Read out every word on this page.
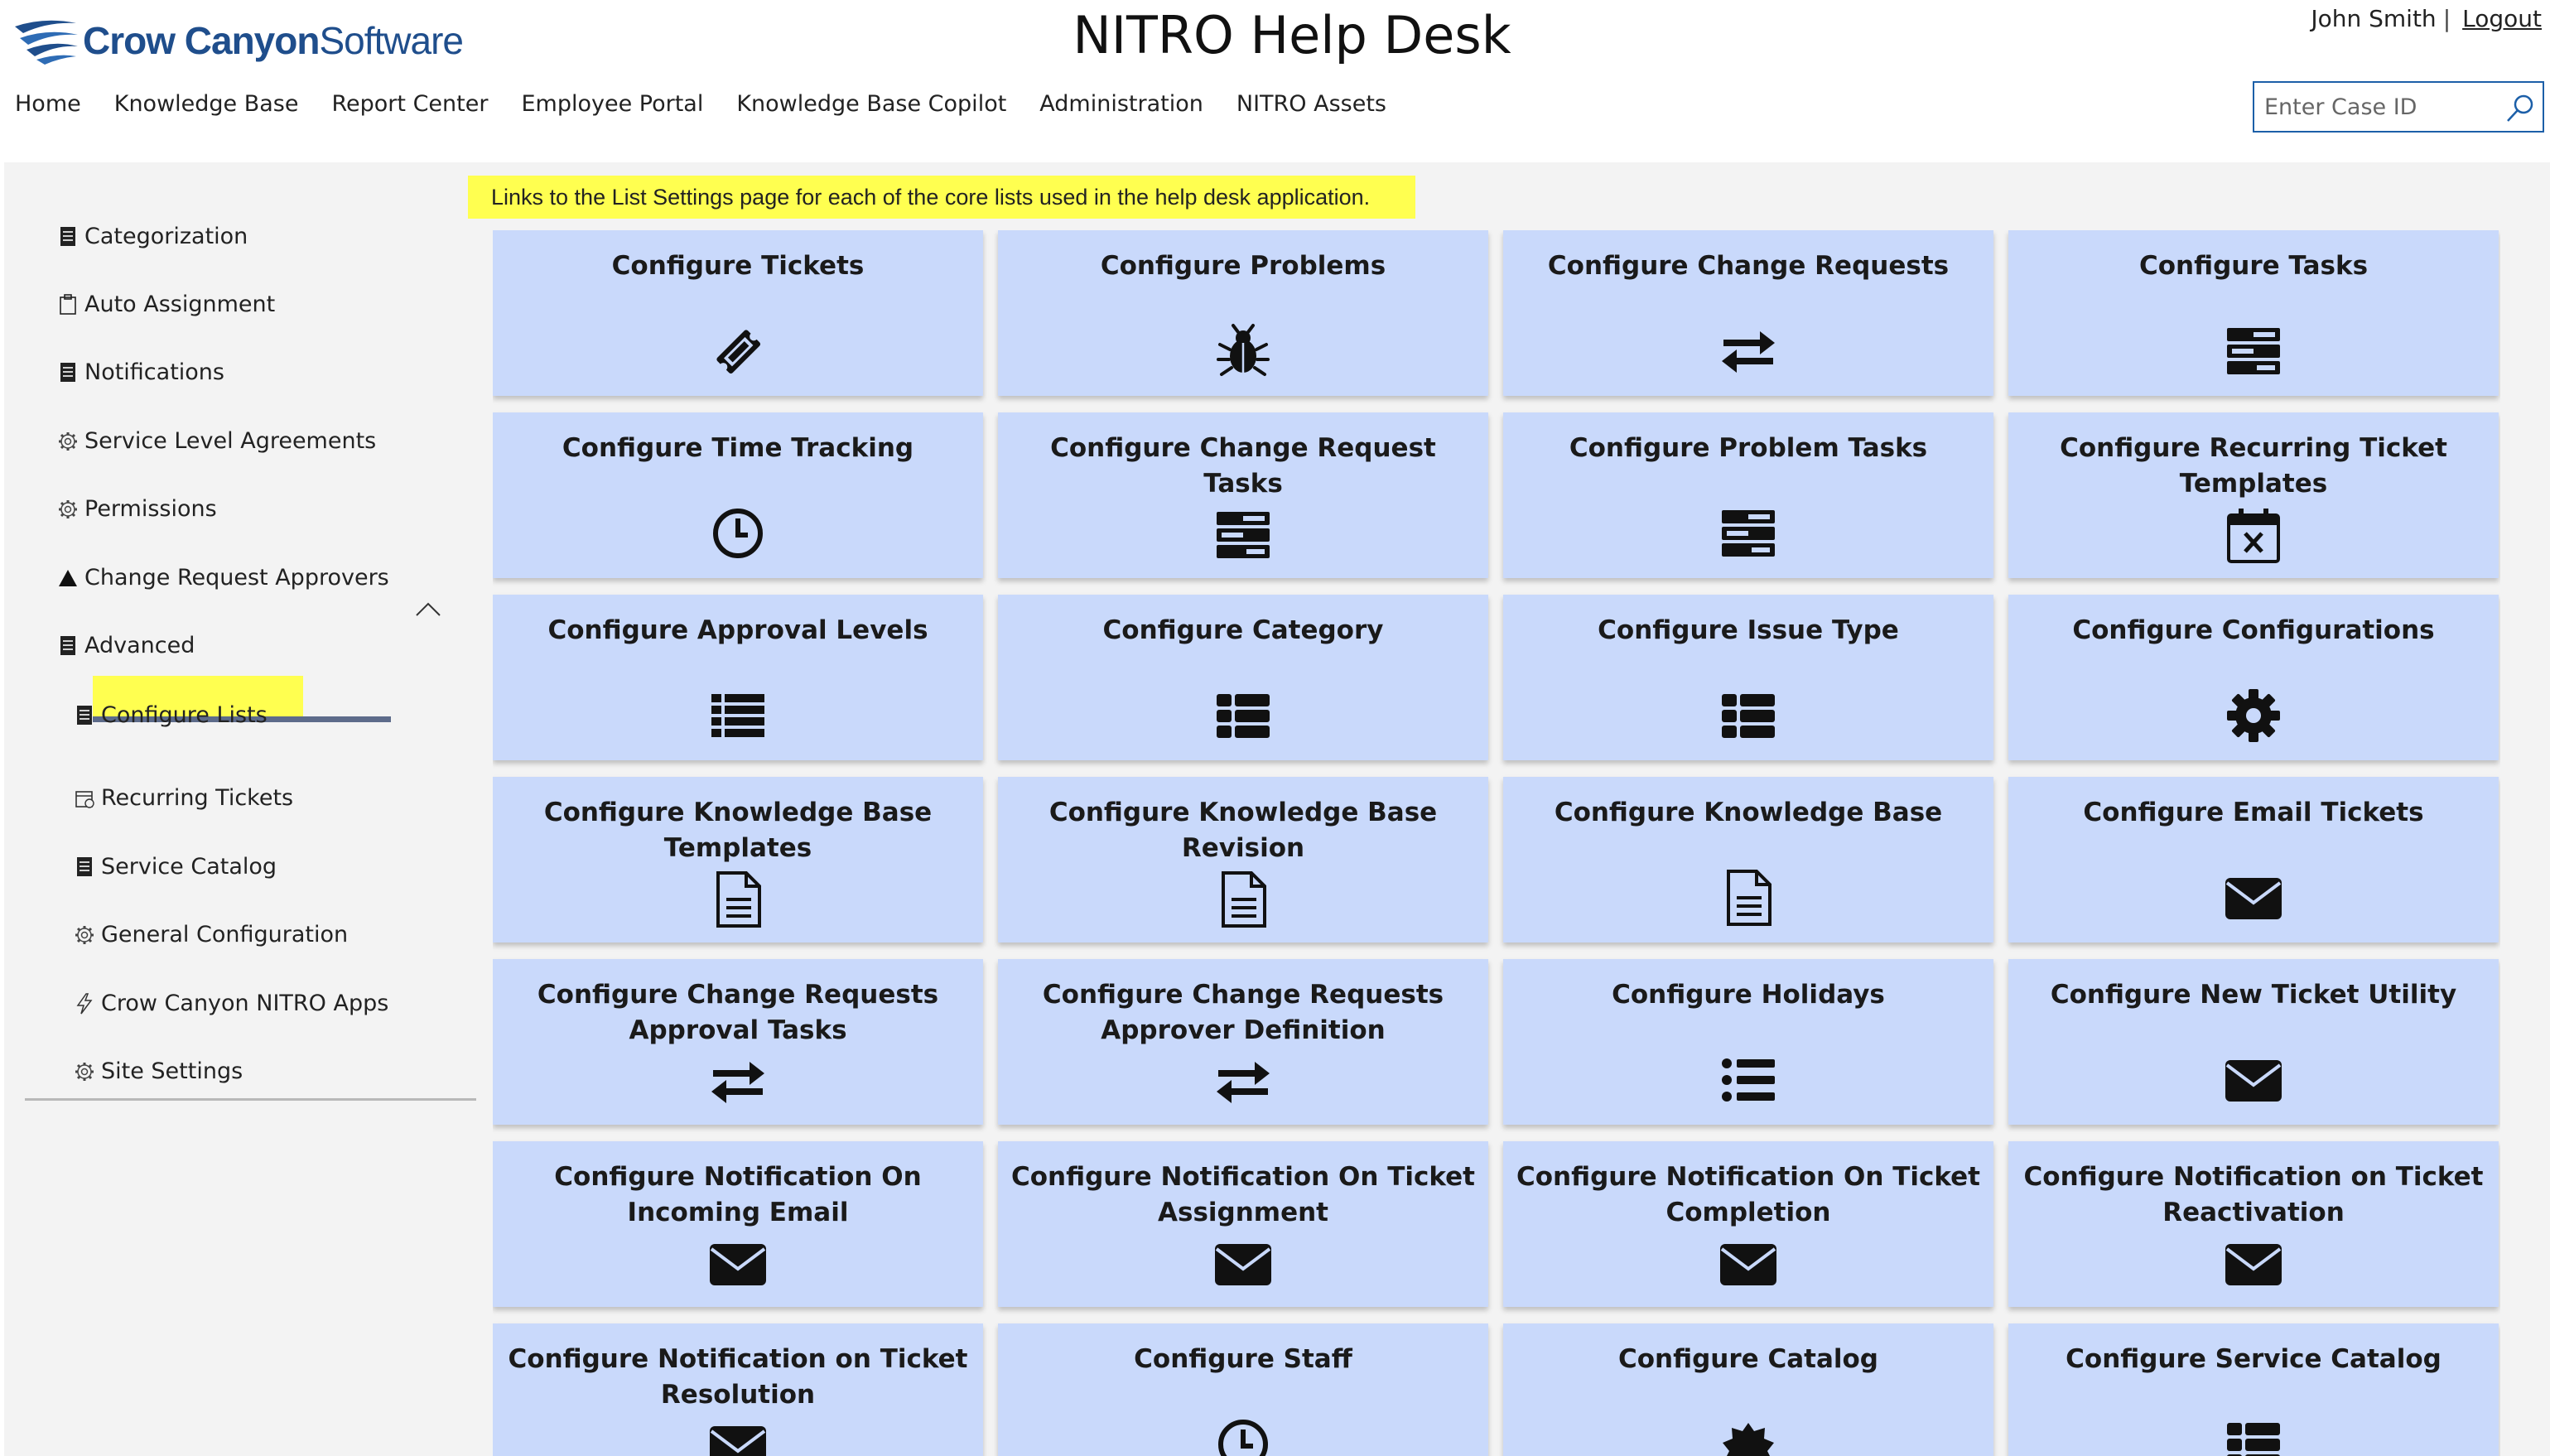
Crow Canyon Software	NITRO Help Desk	John Smith | Logout
Home Knowledge Base Report Center Employee Portal Knowledge Base Copilot Administration NITRO Assets
Enter Case ID
Categorization
Auto Assignment
Notifications
Service Level Agreements
Permissions
Change Request Approvers
Advanced
Configure Lists
Recurring Tickets
Service Catalog
General Configuration
Crow Canyon NITRO Apps
Site Settings
Links to the List Settings page for each of the core lists used in the help desk application.
Configure Tickets	Configure Problems	Configure Change Requests	Configure Tasks
Configure Time Tracking	Configure Change Request Tasks
Configure Problem Tasks	Configure Recurring Ticket Templates
Configure Approval Levels	Configure Category	Configure Issue Type	Configure Configurations
Configure Knowledge Base Templates
Configure Knowledge Base Revision
Configure Knowledge Base	Configure Email Tickets
Configure Change Requests Approval Tasks
Configure Change Requests Approver Definition
Configure Holidays	Configure New Ticket Utility
Configure Notification On Incoming Email
Configure Notification On Ticket Assignment
Configure Notification On Ticket Completion
Configure Notification on Ticket Reactivation
Configure Notification on Ticket Resolution
Configure Staff	Configure Catalog	Configure Service Catalog
